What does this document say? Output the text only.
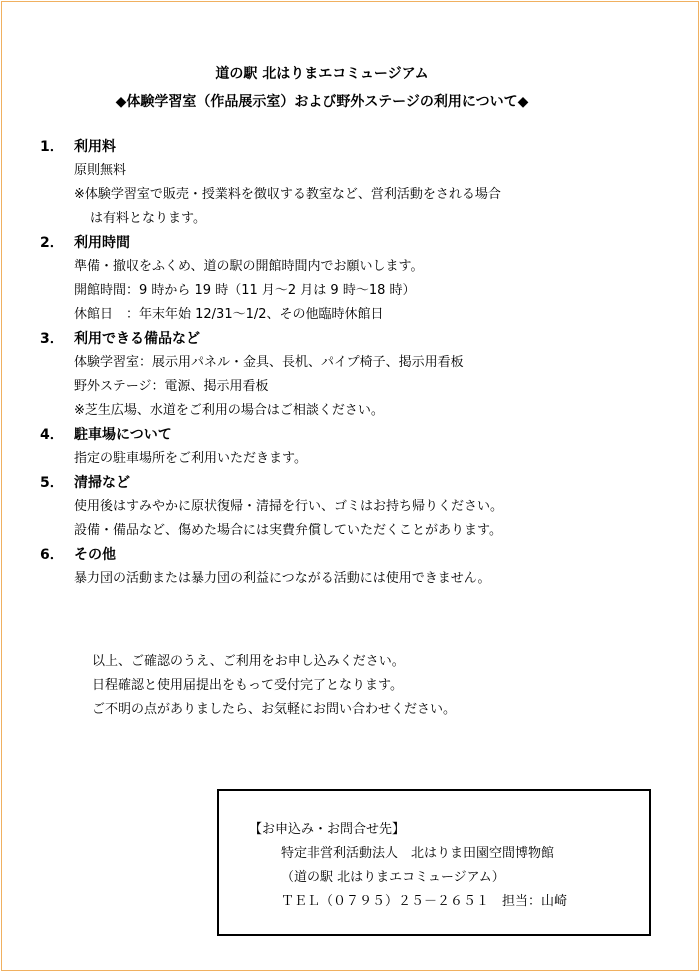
道の駅 北はりまエコミュージアム
◆体験学習室（作品展示室）および野外ステージの利用について◆
1． 利用料
原則無料
※体験学習室で販売・授業料を徴収する教室など、営利活動をされる場合
は有料となります。
2． 利用時間
準備・撤収をふくめ、道の駅の開館時間内でお願いします。
開館時間：9 時から 19 時（11 月～2 月は 9 時～18 時）
休館日　：年末年始 12/31～1/2、その他臨時休館日
3． 利用できる備品など
体験学習室：展示用パネル・金具、長机、パイプ椅子、掲示用看板
野外ステージ：電源、掲示用看板
※芝生広場、水道をご利用の場合はご相談ください。
4． 駐車場について
指定の駐車場所をご利用いただきます。
5． 清掃など
使用後はすみやかに原状復帰・清掃を行い、ゴミはお持ち帰りください。
設備・備品など、傷めた場合には実費弁償していただくことがあります。
6． その他
暴力団の活動または暴力団の利益につながる活動には使用できません。
以上、ご確認のうえ、ご利用をお申し込みください。
日程確認と使用届提出をもって受付完了となります。
ご不明の点がありましたら、お気軽にお問い合わせください。
【お申込み・お問合せ先】
特定非営利活動法人　北はりま田園空間博物館
（道の駅 北はりまエコミュージアム）
ＴＥＬ（０７９５）２５－２６５１　担当：山崎
